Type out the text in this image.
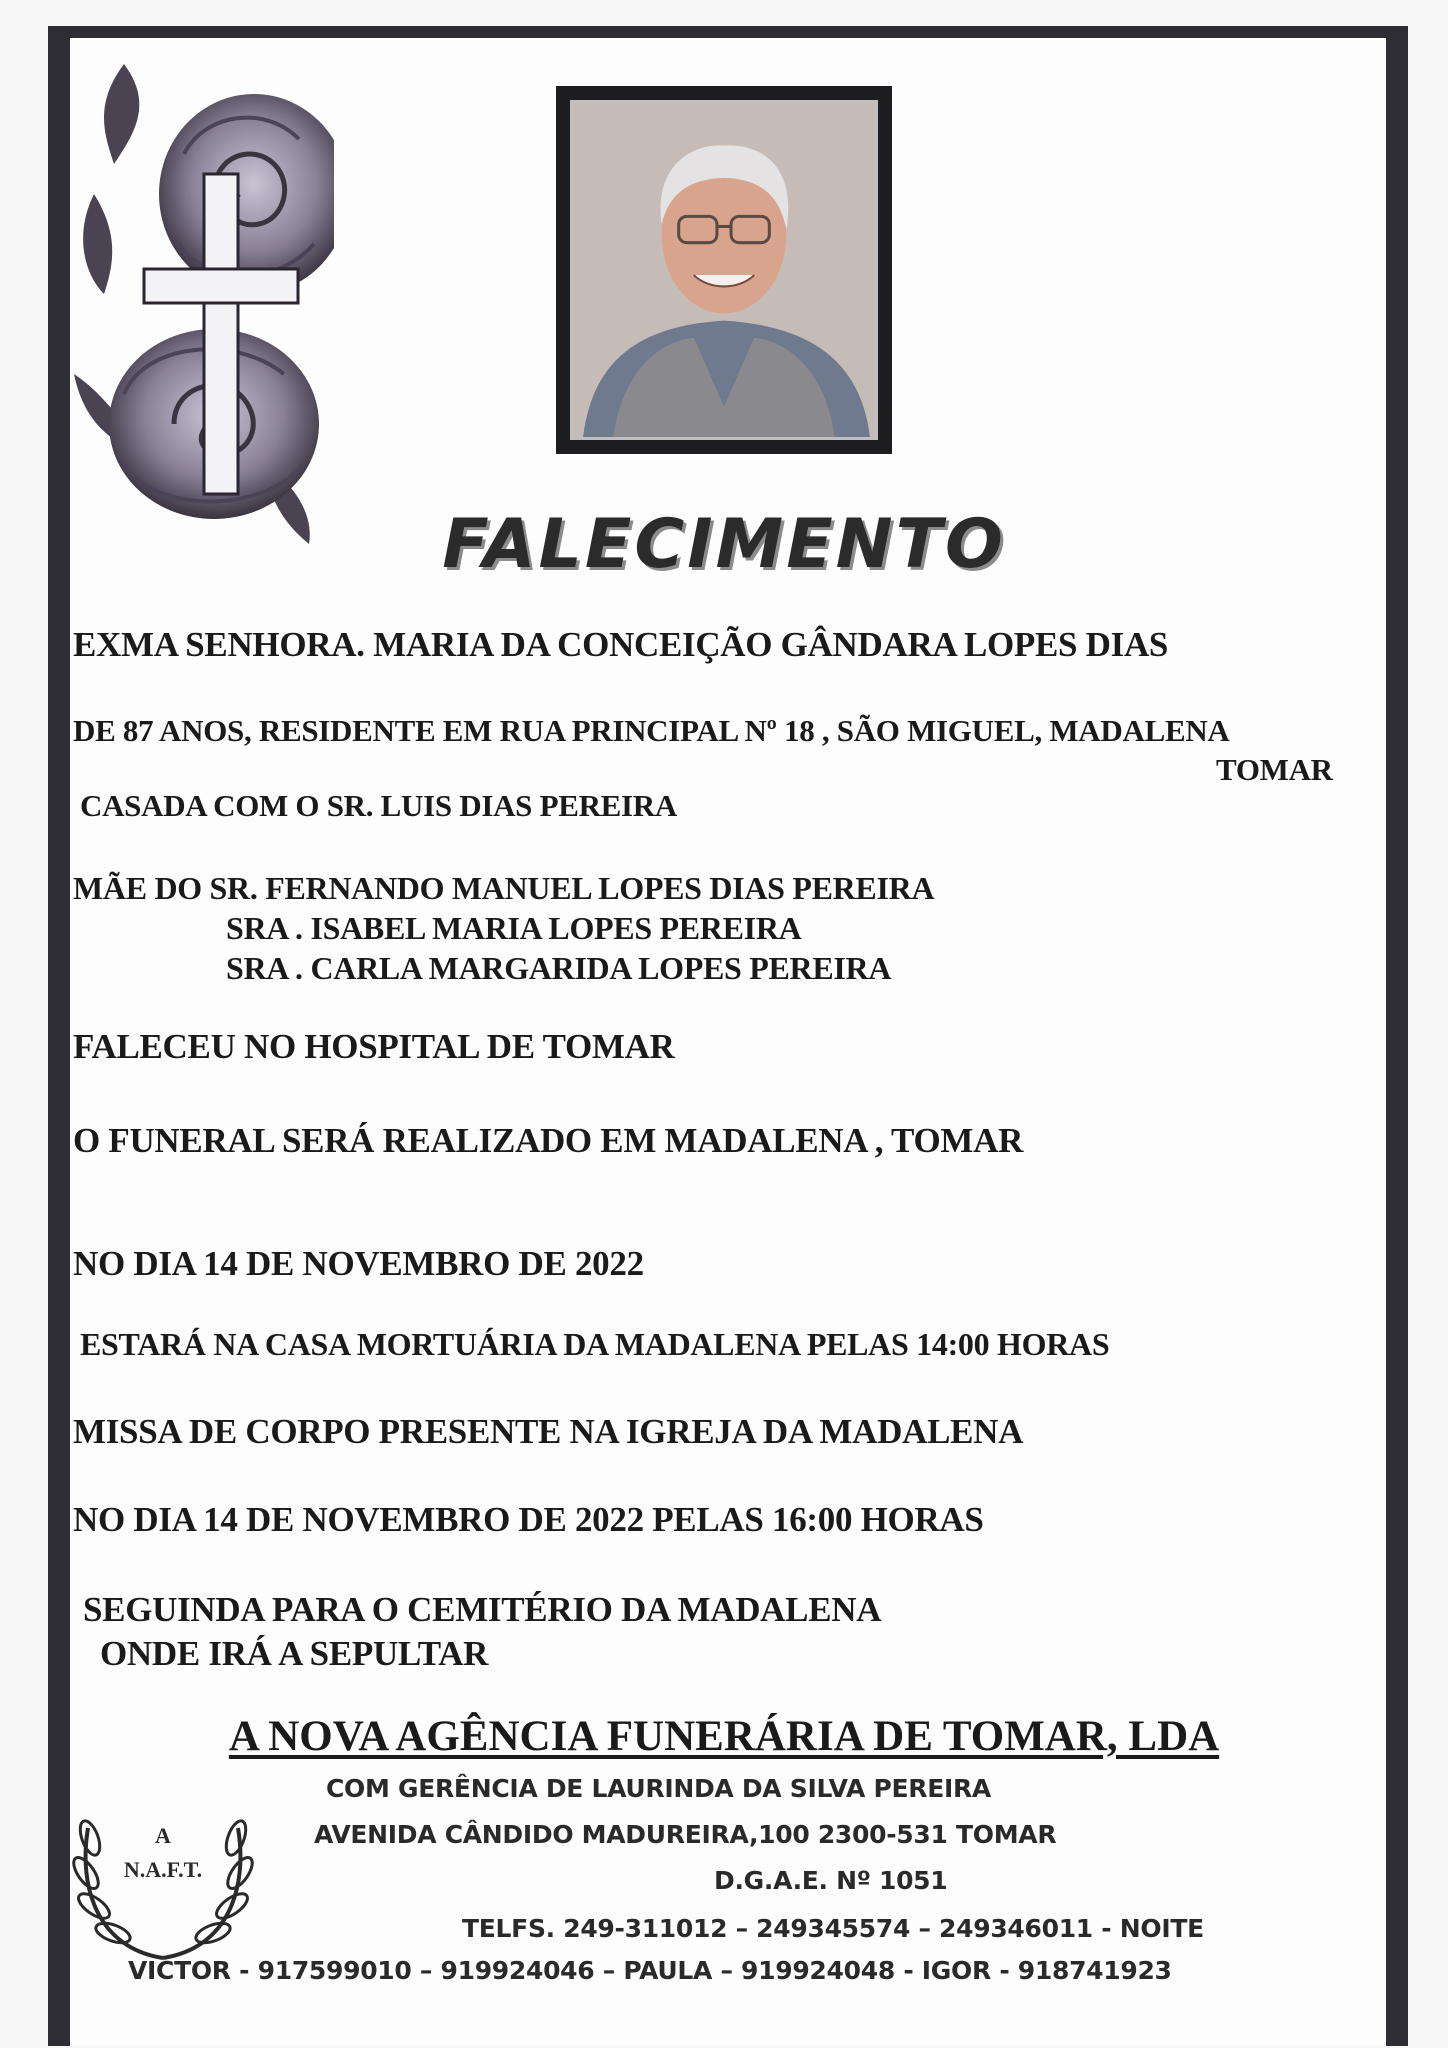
FALECIMENTO
EXMA SENHORA. MARIA DA CONCEIÇÃO GÂNDARA LOPES DIAS
DE 87 ANOS, RESIDENTE EM RUA PRINCIPAL Nº 18 , SÃO MIGUEL, MADALENA
TOMAR
CASADA COM O SR. LUIS DIAS PEREIRA
MÃE DO SR. FERNANDO MANUEL LOPES DIAS PEREIRA
SRA . ISABEL MARIA LOPES PEREIRA
SRA . CARLA MARGARIDA LOPES PEREIRA
FALECEU NO HOSPITAL DE TOMAR
O FUNERAL SERÁ REALIZADO EM MADALENA , TOMAR
NO DIA 14 DE NOVEMBRO DE 2022
ESTARÁ NA CASA MORTUÁRIA DA MADALENA PELAS 14:00 HORAS
MISSA DE CORPO PRESENTE NA IGREJA DA MADALENA
NO DIA 14 DE NOVEMBRO DE 2022 PELAS 16:00 HORAS
SEGUINDA PARA O CEMITÉRIO DA MADALENA
ONDE IRÁ A SEPULTAR
A NOVA AGÊNCIA FUNERÁRIA DE TOMAR, LDA
A
N.A.F.T.
COM GERÊNCIA DE LAURINDA DA SILVA PEREIRA
AVENIDA CÂNDIDO MADUREIRA,100 2300-531 TOMAR
D.G.A.E. Nº 1051
TELFS. 249-311012 – 249345574 – 249346011 - NOITE
VICTOR - 917599010 – 919924046 – PAULA – 919924048 - IGOR - 918741923
